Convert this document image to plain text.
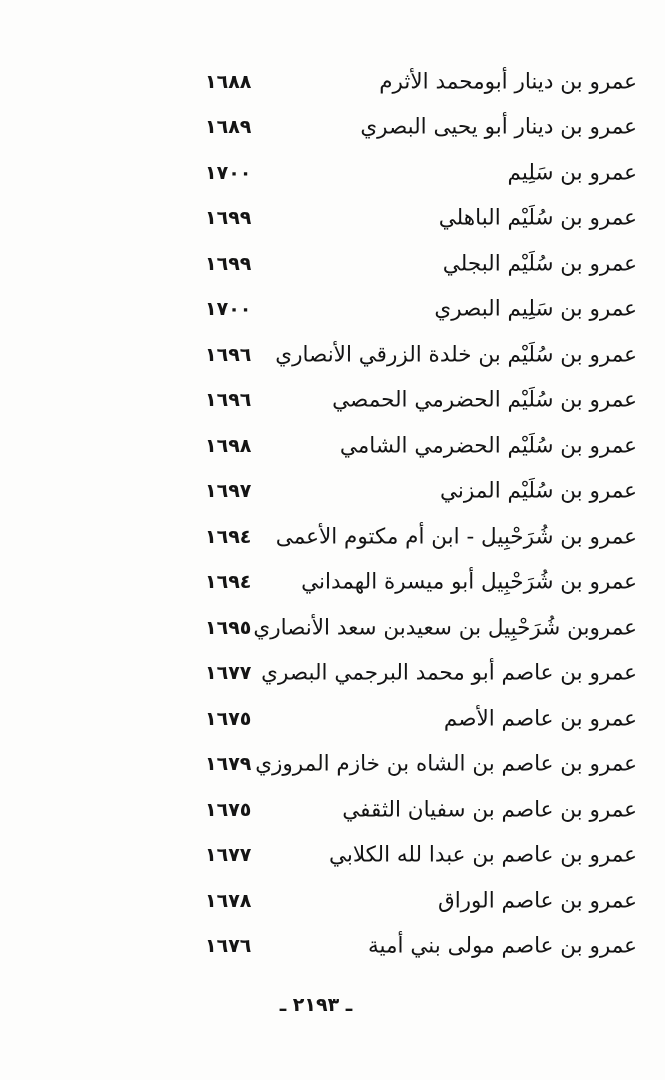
١٦٨٨	عمرو بن دينار أبومحمد الأثرم
١٦٨٩	عمرو بن دينار أبو يحيى البصري
١٧٠٠	عمرو بن سَلِيم
١٦٩٩	عمرو بن سُلَيْم الباهلي
١٦٩٩	عمرو بن سُلَيْم البجلي
١٧٠٠	عمرو بن سَلِيم البصري
١٦٩٦ عمرو بن سُلَيْم بن خلدة الزرقي الأنصاري
١٦٩٦	عمرو بن سُلَيْم الحضرمي الحمصي
١٦٩٨	عمرو بن سُلَيْم الحضرمي الشامي
١٦٩٧	عمرو بن سُلَيْم المزني
١٦٩٤ عمرو بن شُرَحْبِيل - ابن أم مكتوم الأعمى
١٦٩٤ عمرو بن شُرَحْبِيل أبو ميسرة الهمداني
١٦٩٥ عمروبن شُرَحْبِيل بن سعيدبن سعد الأنصاري
١٦٧٧ عمرو بن عاصم أبو محمد البرجمي البصري
١٦٧٥	عمرو بن عاصم الأصم
١٦٧٩ عمرو بن عاصم بن الشاه بن خازم المروزي
١٦٧٥	عمرو بن عاصم بن سفيان الثقفي
١٦٧٧	عمرو بن عاصم بن عبدا لله الكلابي
١٦٧٨	عمرو بن عاصم الوراق
١٦٧٦	عمرو بن عاصم مولى بني أمية
ـ ٢١٩٣ ـ
